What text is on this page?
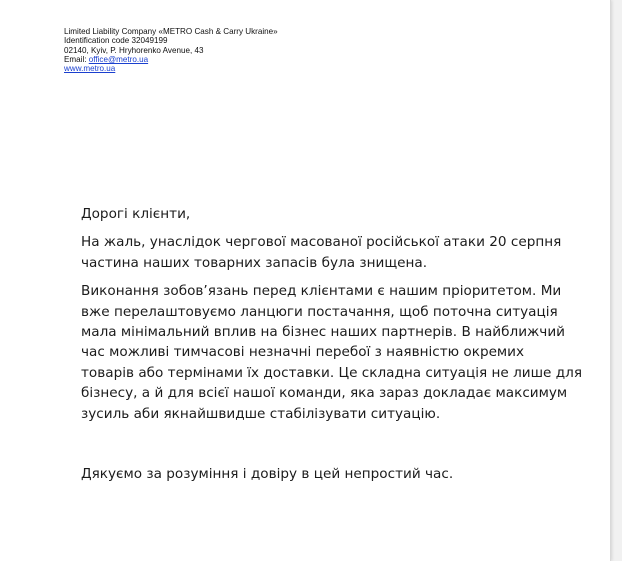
Limited Liability Company «METRO Cash & Carry Ukraine»
Identification code 32049199
02140, Kyiv, P. Hryhorenko Avenue, 43
Email: office@metro.ua
www.metro.ua

Дорогі клієнти,

На жаль, унаслідок чергової масованої російської атаки 20 серпня

частина наших товарних запасів була знищена.

Виконання зобов’язань перед клієнтами є нашим пріоритетом. Ми

вже перелаштовуємо ланцюги постачання, щоб поточна ситуація

мала мінімальний вплив на бізнес наших партнерів. В найближчий

час можливі тимчасові незначні перебої з наявністю окремих

товарів або термінами їх доставки. Це складна ситуація не лише для

бізнесу, а й для всієї нашої команди, яка зараз докладає максимум

зусиль аби якнайшвидше стабілізувати ситуацію.

Дякуємо за розуміння і довіру в цей непростий час.
